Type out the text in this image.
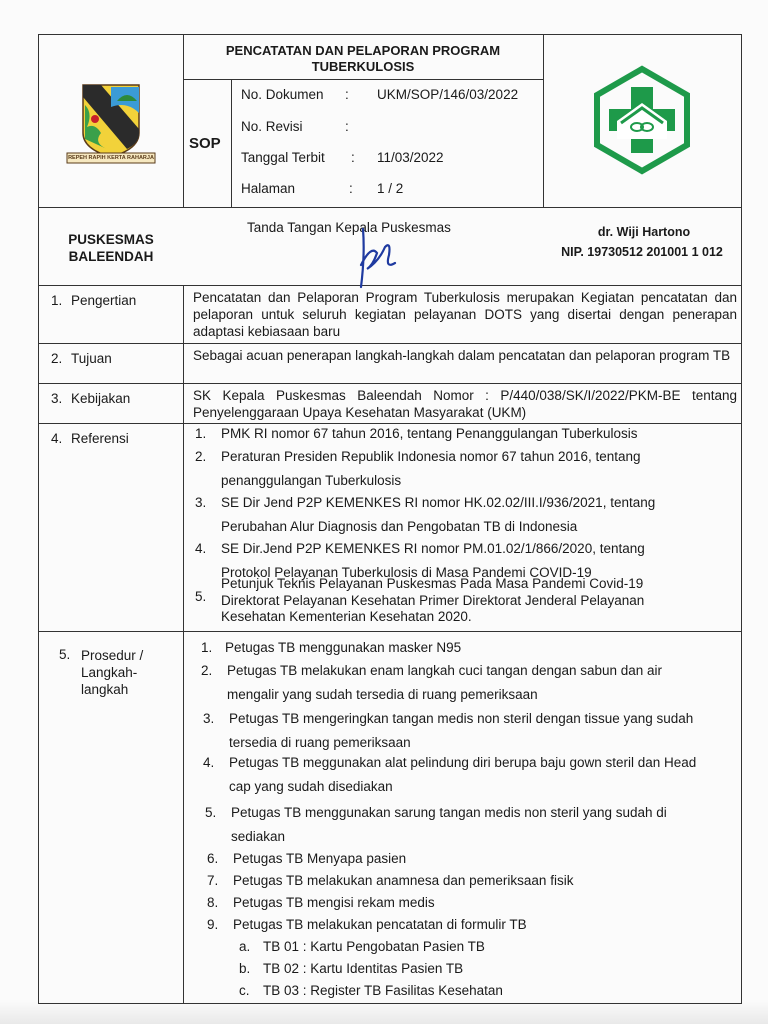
REPEH RAPIH KERTA RAHARJA
PENCATATAN DAN PELAPORAN PROGRAM TUBERKULOSIS
SOP
No. Dokumen : UKM/SOP/146/03/2022
No. Revisi	:
Tanggal Terbit : 11/03/2022
Halaman	: 1 / 2
PUSKESMAS
BALEENDAH
Tanda Tangan Kepala Puskesmas	dr. Wiji Hartono
NIP. 19730512 201001 1 012
1. Pengertian	Pencatatan dan Pelaporan Program Tuberkulosis merupakan Kegiatan pencatatan dan pelaporan untuk seluruh kegiatan pelayanan DOTS yang disertai dengan penerapan adaptasi kebiasaan baru
2. Tujuan	Sebagai acuan penerapan langkah-langkah dalam pencatatan dan pelaporan program TB
3. Kebijakan	SK Kepala Puskesmas Baleendah Nomor : P/440/038/SK/I/2022/PKM-BE tentang Penyelenggaraan Upaya Kesehatan Masyarakat (UKM)
4. Referensi	1. PMK RI nomor 67 tahun 2016, tentang Penanggulangan Tuberkulosis
2. Peraturan Presiden Republik Indonesia nomor 67 tahun 2016, tentang
penanggulangan Tuberkulosis
3. SE Dir Jend P2P KEMENKES RI nomor HK.02.02/III.I/936/2021, tentang
Perubahan Alur Diagnosis dan Pengobatan TB di Indonesia
4. SE Dir.Jend P2P KEMENKES RI nomor PM.01.02/1/866/2020, tentang
Protokol Pelayanan Tuberkulosis di Masa Pandemi COVID-19
5.
Petunjuk Teknis Pelayanan Puskesmas Pada Masa Pandemi Covid-19
Direktorat Pelayanan Kesehatan Primer Direktorat Jenderal Pelayanan
Kesehatan Kementerian Kesehatan 2020.
5. Prosedur /
Langkah-
langkah
1. Petugas TB menggunakan masker N95
2. Petugas TB melakukan enam langkah cuci tangan dengan sabun dan air
mengalir yang sudah tersedia di ruang pemeriksaan
3. Petugas TB mengeringkan tangan medis non steril dengan tissue yang sudah
tersedia di ruang pemeriksaan
4. Petugas TB meggunakan alat pelindung diri berupa baju gown steril dan Head
cap yang sudah disediakan
5. Petugas TB menggunakan sarung tangan medis non steril yang sudah di
sediakan
6. Petugas TB Menyapa pasien
7. Petugas TB melakukan anamnesa dan pemeriksaan fisik
8. Petugas TB mengisi rekam medis
9. Petugas TB melakukan pencatatan di formulir TB
a. TB 01 : Kartu Pengobatan Pasien TB
b. TB 02 : Kartu Identitas Pasien TB
c. TB 03 : Register TB Fasilitas Kesehatan
